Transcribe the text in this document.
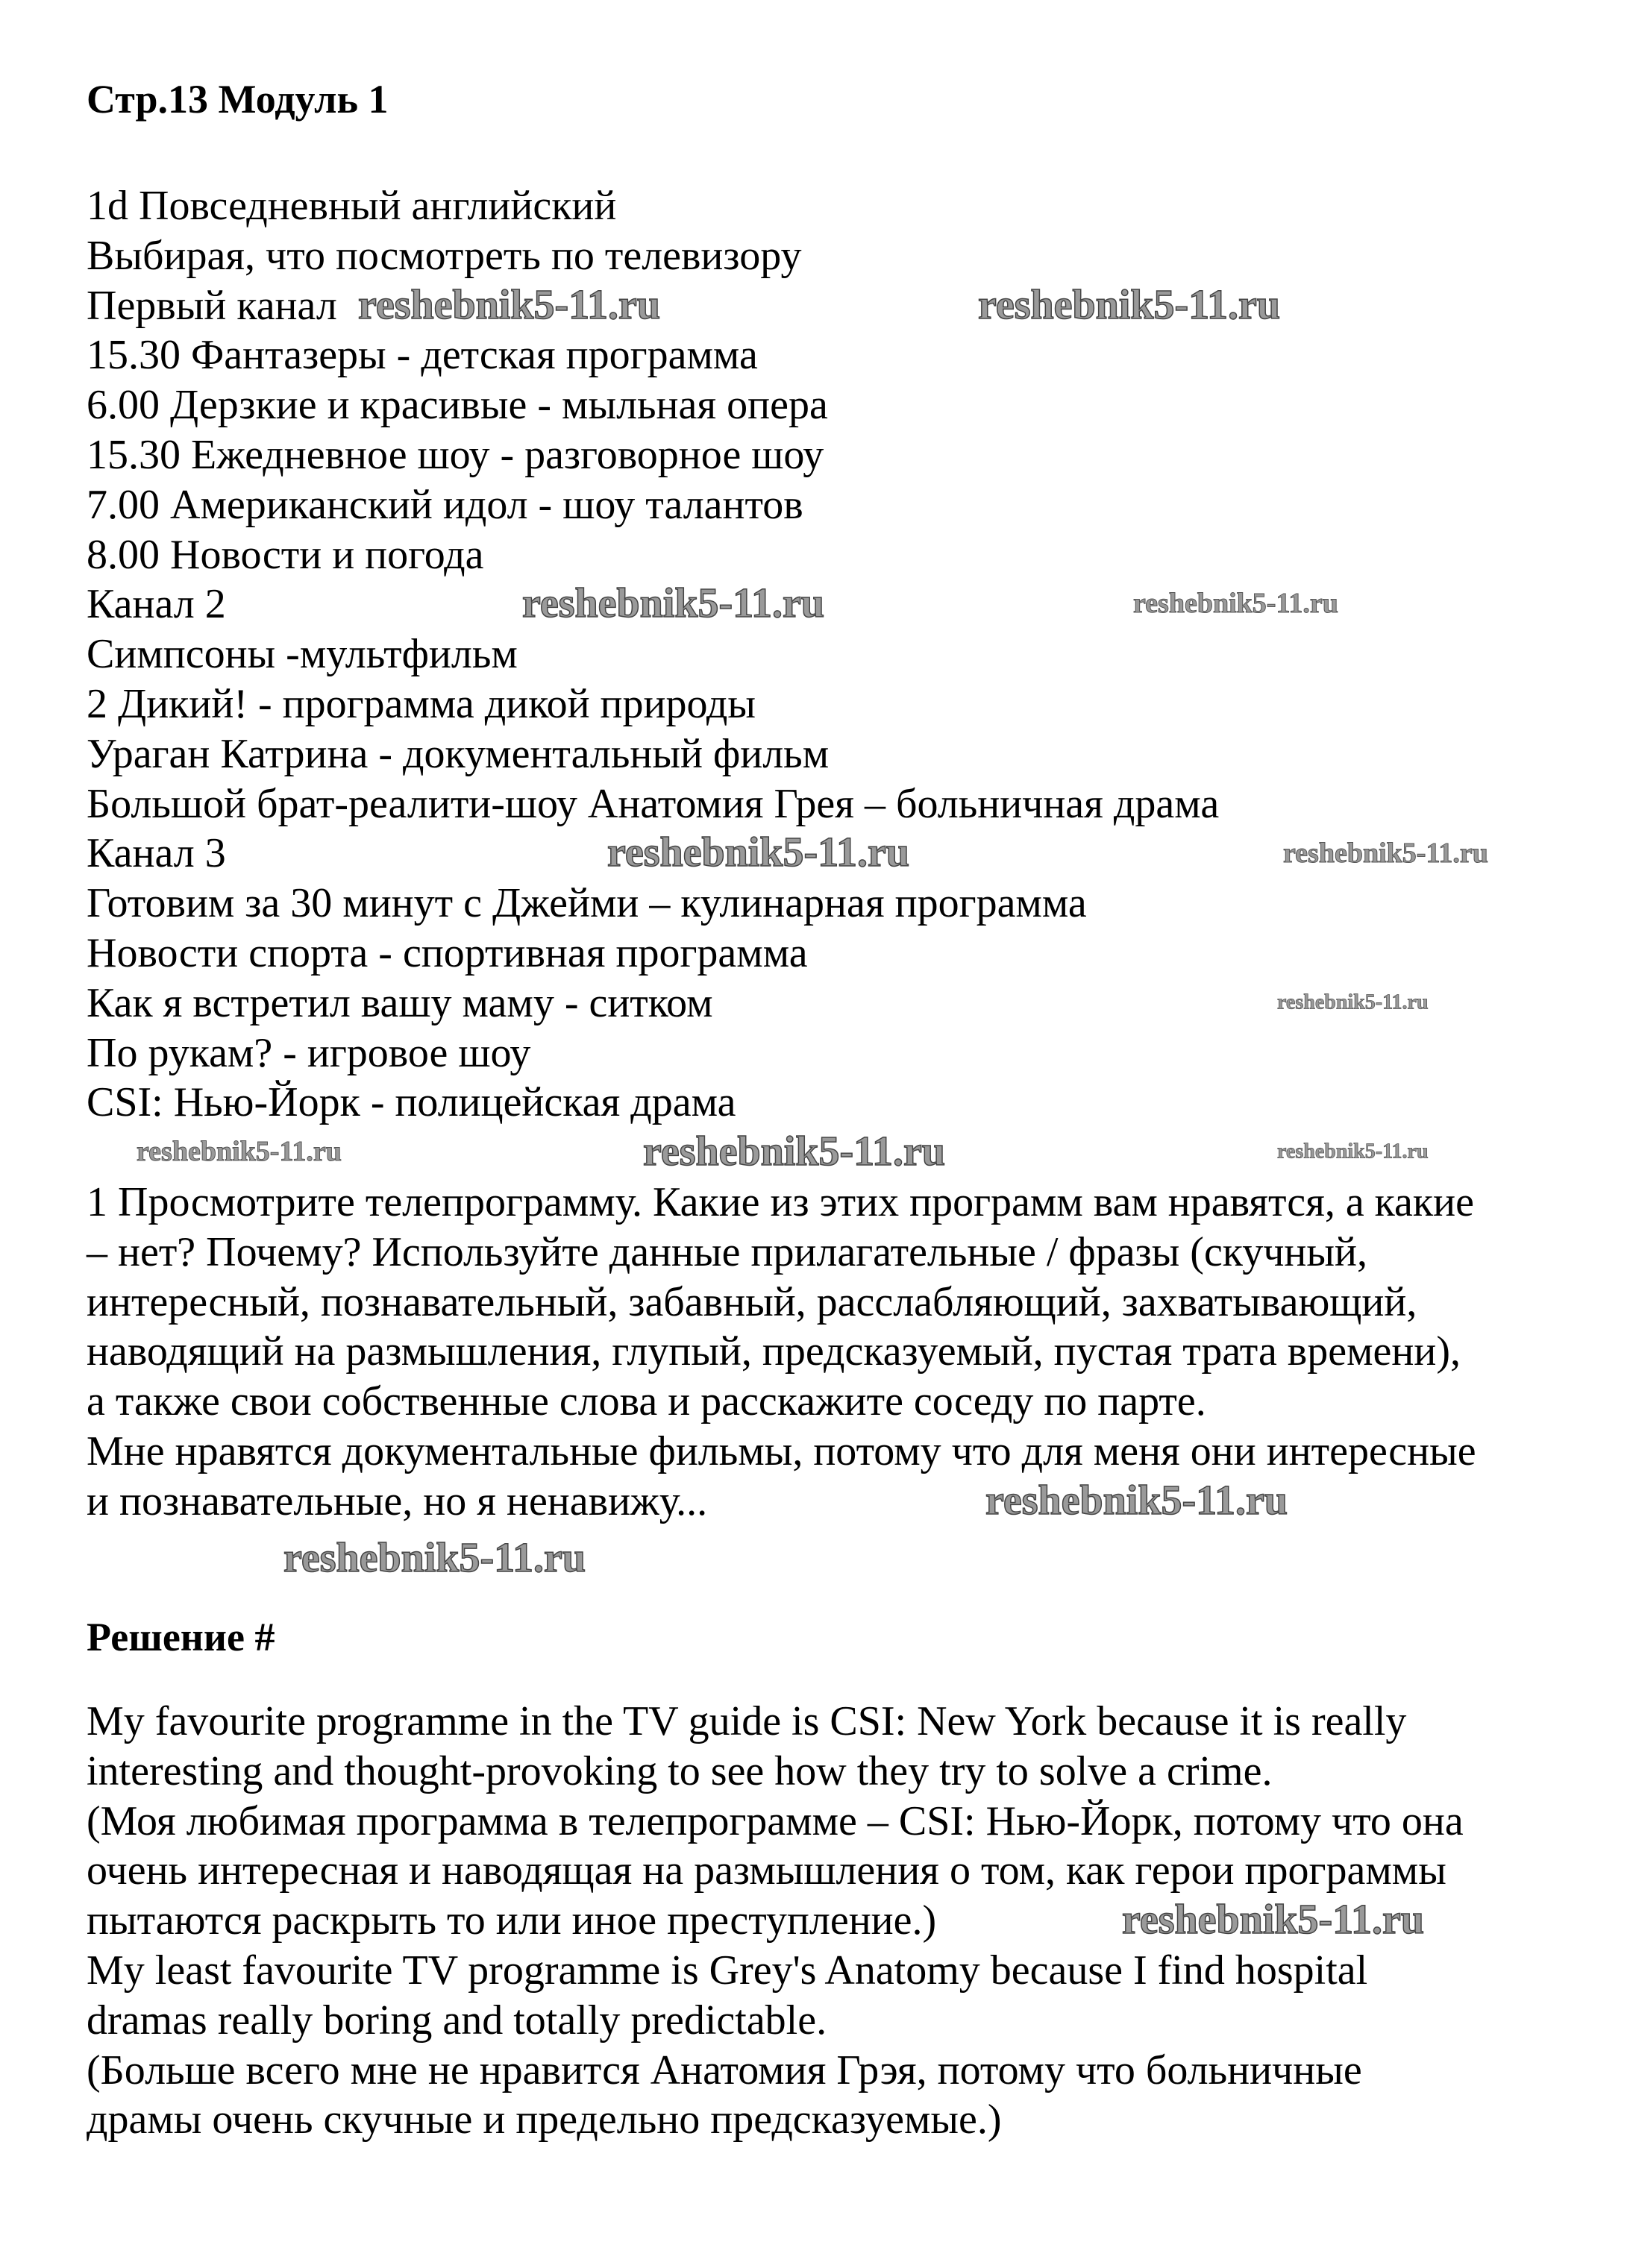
Стр.13 Модуль 1
1d Повседневный английский
Выбирая, что посмотреть по телевизору
Первый канал
15.30 Фантазеры - детская программа
6.00 Дерзкие и красивые - мыльная опера
15.30 Ежедневное шоу - разговорное шоу
7.00 Американский идол - шоу талантов
8.00 Новости и погода
Канал 2
Симпсоны -мультфильм
2 Дикий! - программа дикой природы
Ураган Катрина - документальный фильм
Большой брат-реалити-шоу Анатомия Грея – больничная драма
Канал 3
Готовим за 30 минут с Джейми – кулинарная программа
Новости спорта - спортивная программа
Как я встретил вашу маму - ситком
По рукам? - игровое шоу
CSI: Нью-Йорк - полицейская драма
1 Просмотрите телепрограмму. Какие из этих программ вам нравятся, а какие
– нет? Почему? Используйте данные прилагательные / фразы (скучный,
интересный, познавательный, забавный, расслабляющий, захватывающий,
наводящий на размышления, глупый, предсказуемый, пустая трата времени),
а также свои собственные слова и расскажите соседу по парте.
Мне нравятся документальные фильмы, потому что для меня они интересные
и познавательные, но я ненавижу...
Решение #
My favourite programme in the TV guide is CSI: New York because it is really
interesting and thought-provoking to see how they try to solve a crime.
(Моя любимая программа в телепрограмме – CSI: Нью-Йорк, потому что она
очень интересная и наводящая на размышления о том, как герои программы
пытаются раскрыть то или иное преступление.)
My least favourite TV programme is Grey's Anatomy because I find hospital
dramas really boring and totally predictable.
(Больше всего мне не нравится Анатомия Грэя, потому что больничные
драмы очень скучные и предельно предсказуемые.)
reshebnik5-11.ru	reshebnik5-11.ru
reshebnik5-11.ru	reshebnik5-11.ru
reshebnik5-11.ru
reshebnik5-11.ru
reshebnik5-11.ru
reshebnik5-11.ru	reshebnik5-11.ru	reshebnik5-11.ru
reshebnik5-11.ru
reshebnik5-11.ru
reshebnik5-11.ru
